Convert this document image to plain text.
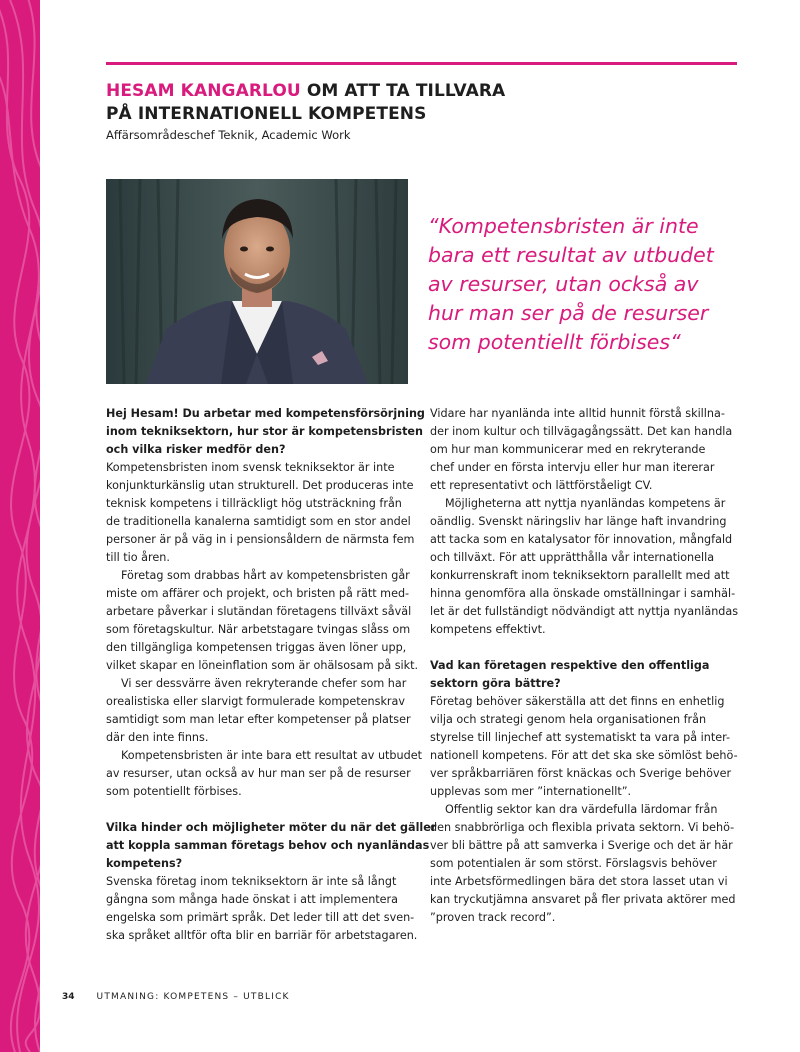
HESAM KANGARLOU OM ATT TA TILLVARA
PÅ INTERNATIONELL KOMPETENS
Affärsområdeschef Teknik, Academic Work
“Kompetensbristen är inte
bara ett resultat av utbudet
av resurser, utan också av
hur man ser på de resurser
som potentiellt förbises“
Hej Hesam! Du arbetar med kompetensförsörjning
inom tekniksektorn, hur stor är kompetensbristen
och vilka risker medför den?
Kompetensbristen inom svensk tekniksektor är inte
konjunkturkänslig utan strukturell. Det produceras inte
teknisk kompetens i tillräckligt hög utsträckning från
de traditionella kanalerna samtidigt som en stor andel
personer är på väg in i pensionsåldern de närmsta fem
till tio åren.
Företag som drabbas hårt av kompetensbristen går
miste om affärer och projekt, och bristen på rätt med-
arbetare påverkar i slutändan företagens tillväxt såväl
som företagskultur. När arbetstagare tvingas slåss om
den tillgängliga kompetensen triggas även löner upp,
vilket skapar en löneinflation som är ohälsosam på sikt.
Vi ser dessvärre även rekryterande chefer som har
orealistiska eller slarvigt formulerade kompetenskrav
samtidigt som man letar efter kompetenser på platser
där den inte finns.
Kompetensbristen är inte bara ett resultat av utbudet
av resurser, utan också av hur man ser på de resurser
som potentiellt förbises.
Vilka hinder och möjligheter möter du när det gäller
att koppla samman företags behov och nyanländas
kompetens?
Svenska företag inom tekniksektorn är inte så långt
gångna som många hade önskat i att implementera
engelska som primärt språk. Det leder till att det sven-
ska språket alltför ofta blir en barriär för arbetstagaren.
Vidare har nyanlända inte alltid hunnit förstå skillna-
der inom kultur och tillvägagångssätt. Det kan handla
om hur man kommunicerar med en rekryterande
chef under en första intervju eller hur man itererar
ett representativt och lättförståeligt CV.
Möjligheterna att nyttja nyanländas kompetens är
oändlig. Svenskt näringsliv har länge haft invandring
att tacka som en katalysator för innovation, mångfald
och tillväxt. För att upprätthålla vår internationella
konkurrenskraft inom tekniksektorn parallellt med att
hinna genomföra alla önskade omställningar i samhäl-
let är det fullständigt nödvändigt att nyttja nyanländas
kompetens effektivt.
Vad kan företagen respektive den offentliga
sektorn göra bättre?
Företag behöver säkerställa att det finns en enhetlig
vilja och strategi genom hela organisationen från
styrelse till linjechef att systematiskt ta vara på inter-
nationell kompetens. För att det ska ske sömlöst behö-
ver språkbarriären först knäckas och Sverige behöver
upplevas som mer ”internationellt”.
Offentlig sektor kan dra värdefulla lärdomar från
den snabbrörliga och flexibla privata sektorn. Vi behö-
ver bli bättre på att samverka i Sverige och det är här
som potentialen är som störst. Förslagsvis behöver
inte Arbetsförmedlingen bära det stora lasset utan vi
kan tryckutjämna ansvaret på fler privata aktörer med
”proven track record”.
34 UTMANING: KOMPETENS – UTBLICK
